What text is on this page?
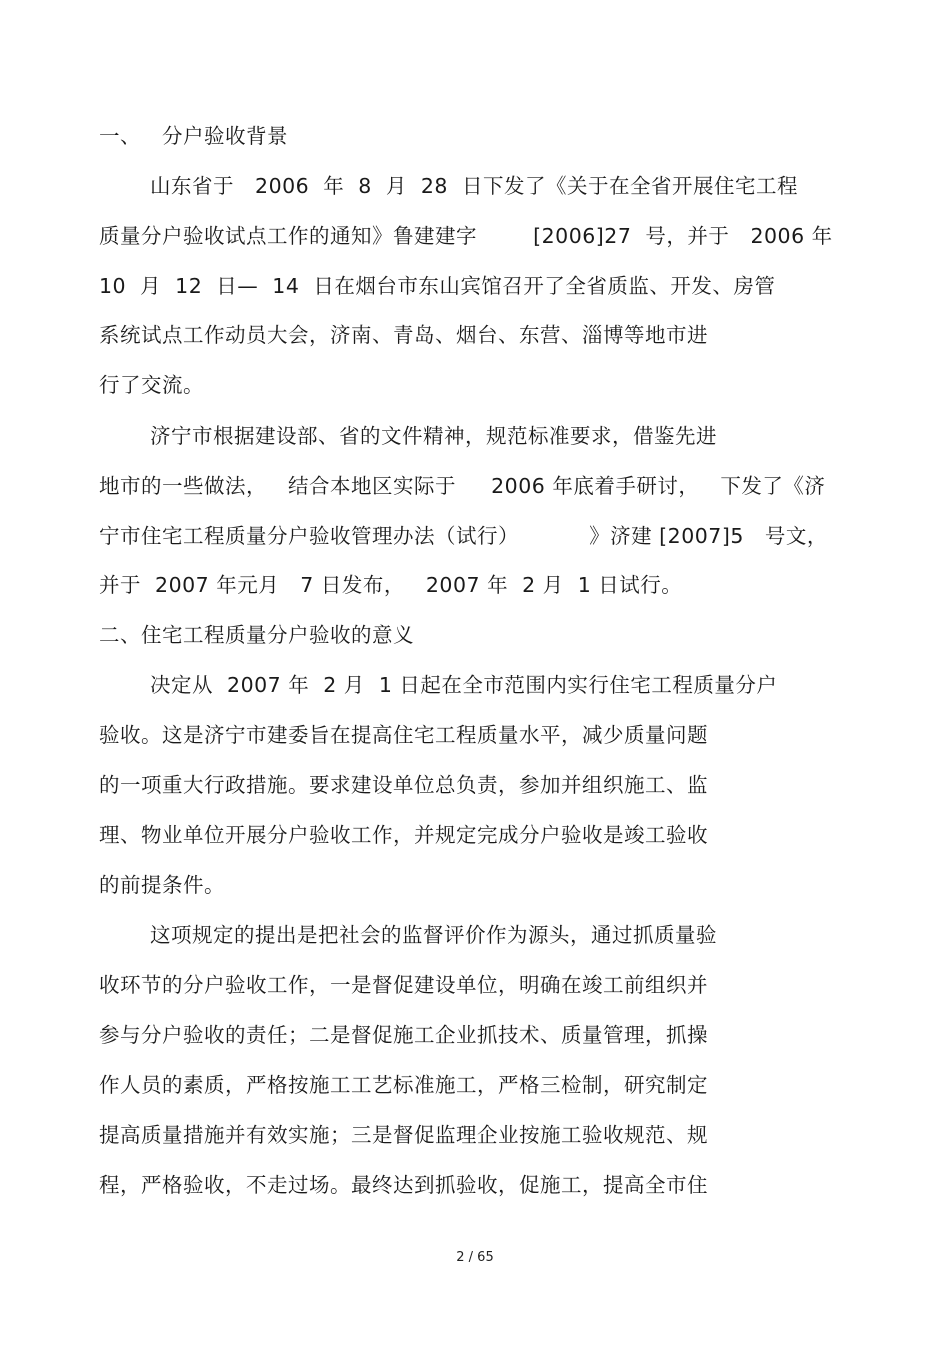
一、   分户验收背景
山东省于   2006  年  8  月  28  日下发了《关于在全省开展住宅工程
质量分户验收试点工作的通知》鲁建建字        [2006]27  号，并于   2006 年
10  月  12  日—  14  日在烟台市东山宾馆召开了全省质监、开发、房管
系统试点工作动员大会，济南、青岛、烟台、东营、淄博等地市进
行了交流。
济宁市根据建设部、省的文件精神，规范标准要求，借鉴先进
地市的一些做法，   结合本地区实际于     2006 年底着手研讨，   下发了《济
宁市住宅工程质量分户验收管理办法（试行）          》济建 [2007]5   号文，
并于  2007 年元月   7 日发布，   2007 年  2 月  1 日试行。
二、住宅工程质量分户验收的意义
决定从  2007 年  2 月  1 日起在全市范围内实行住宅工程质量分户
验收。这是济宁市建委旨在提高住宅工程质量水平，减少质量问题
的一项重大行政措施。要求建设单位总负责，参加并组织施工、监
理、物业单位开展分户验收工作，并规定完成分户验收是竣工验收
的前提条件。
这项规定的提出是把社会的监督评价作为源头，通过抓质量验
收环节的分户验收工作，一是督促建设单位，明确在竣工前组织并
参与分户验收的责任；二是督促施工企业抓技术、质量管理，抓操
作人员的素质，严格按施工工艺标准施工，严格三检制，研究制定
提高质量措施并有效实施；三是督促监理企业按施工验收规范、规
程，严格验收，不走过场。最终达到抓验收，促施工，提高全市住
2 / 65
